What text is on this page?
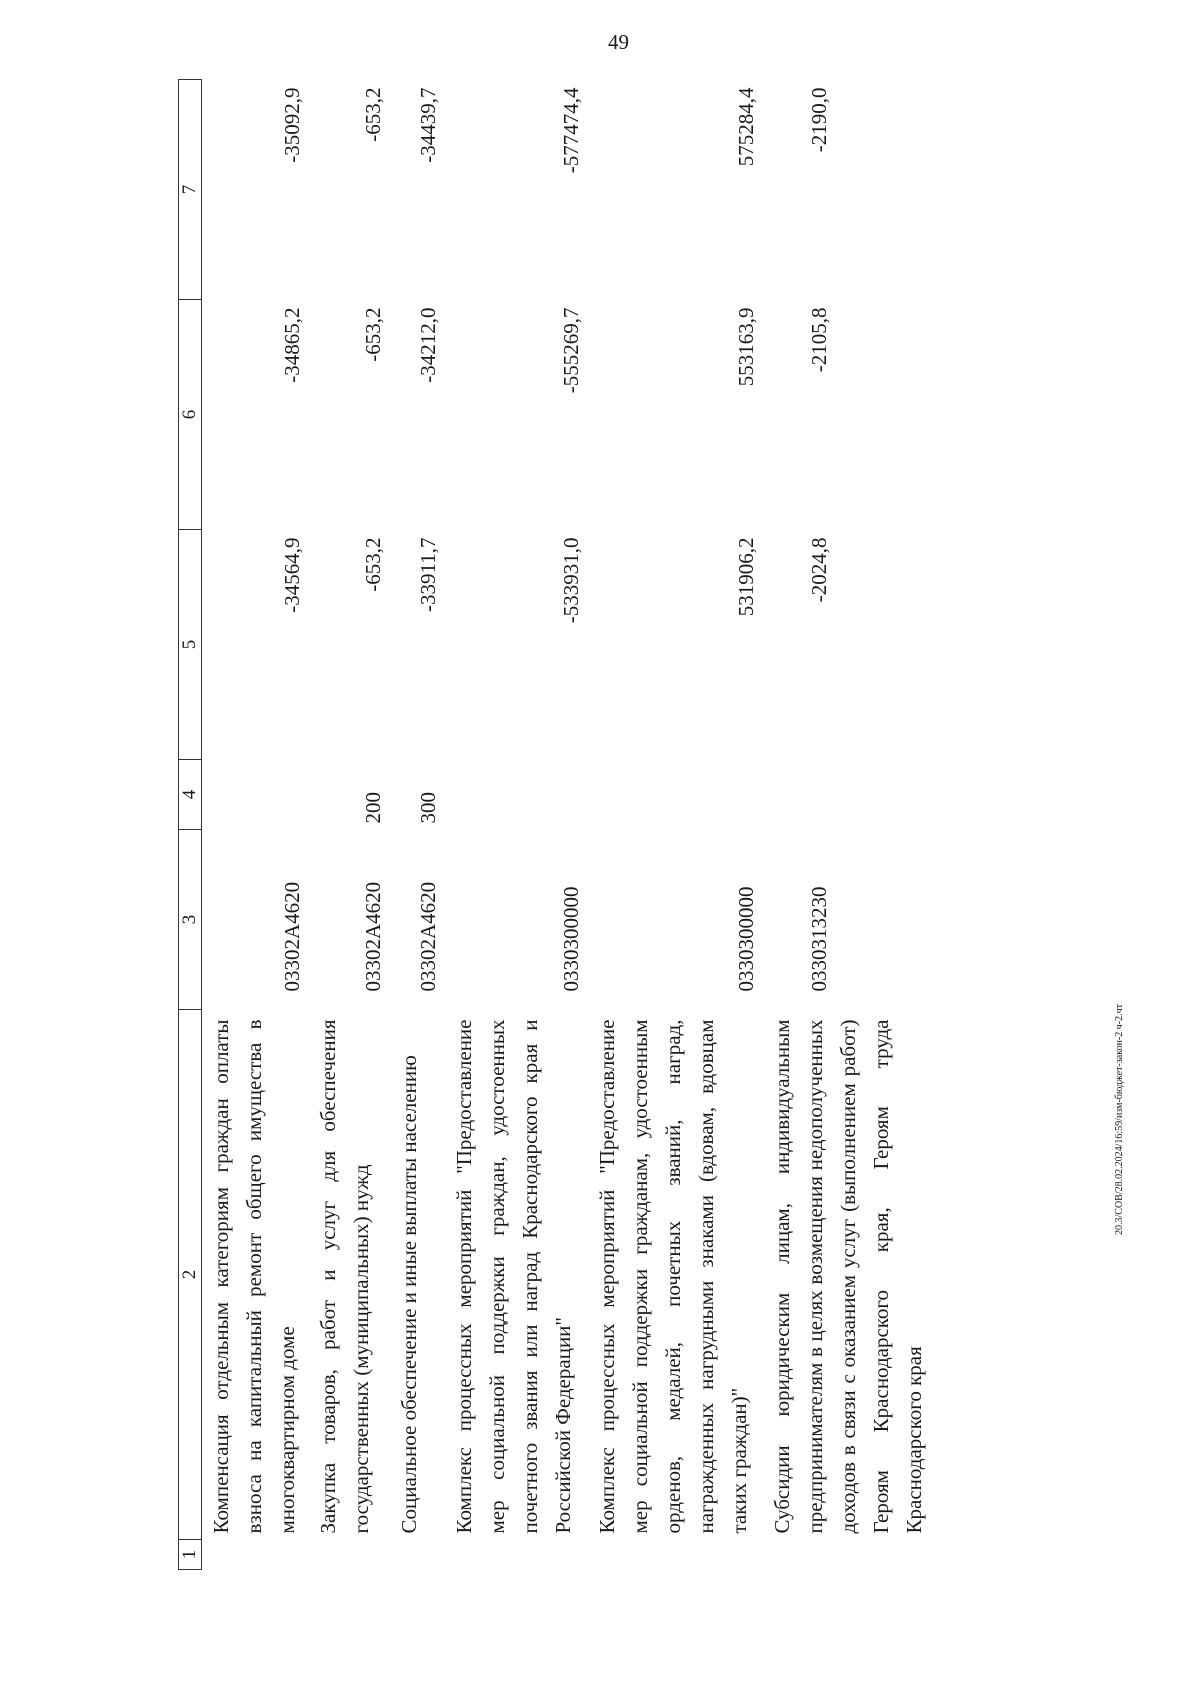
49
20.3/СОВ/28.02.2024/16:59/изм-бюджет-закон-2 ч-2.чт
1	2	3	4	5	6	7
	Компенсация отдельным категориям граждан оплаты взноса на капитальный ремонт общего имущества в многоквартирном доме	03302А4620		-34564,9	-34865,2	-35092,9
	Закупка товаров, работ и услуг для обеспечения государственных (муниципальных) нужд	03302А4620	200	-653,2	-653,2	-653,2
	Социальное обеспечение и иные выплаты населению	03302А4620	300	-33911,7	-34212,0	-34439,7
	Комплекс процессных мероприятий "Предоставление мер социальной поддержки граждан, удостоенных почетного звания или наград Краснодарского края и Российской Федерации"	0330300000		-533931,0	-555269,7	-577474,4
	Комплекс процессных мероприятий "Предоставление мер социальной поддержки гражданам, удостоенным орденов, медалей, почетных званий, наград, награжденных нагрудными знаками (вдовам, вдовцам таких граждан)"	0330300000		531906,2	553163,9	575284,4
	Субсидии юридическим лицам, индивидуальным предпринимателям в целях возмещения недополученных доходов в связи с оказанием услуг (выполнением работ) Героям Краснодарского края, Героям труда Краснодарского края	0330313230		-2024,8	-2105,8	-2190,0
